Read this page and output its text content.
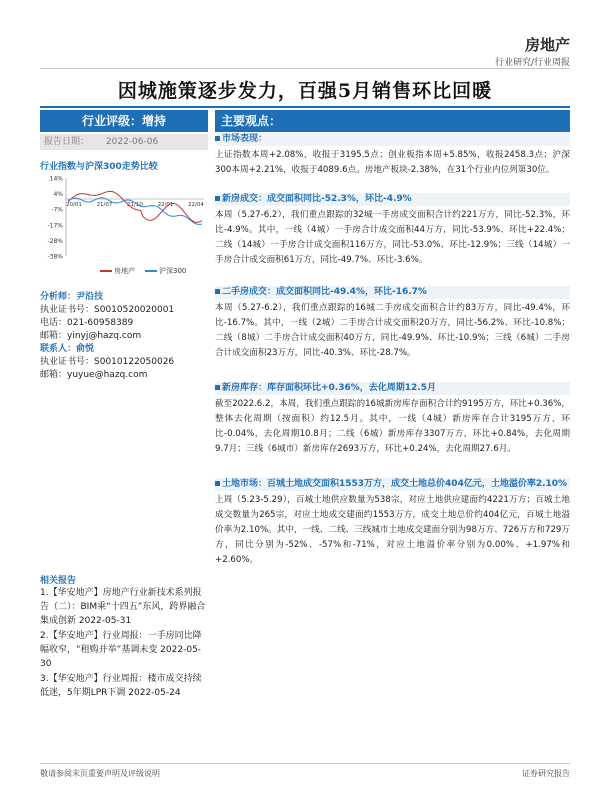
房地产
行业研究/行业周报
因城施策逐步发力，百强5月销售环比回暖
行业评级：增持
报告日期： 2022-06-06
行业指数与沪深300走势比较
14%
4%
-7%
-17%
-28%
-38%
20/01	21/07	21/10	22/01	22/04
房地产	沪深300
分析师：尹沿技
执业证书号：S0010520020001
电话：021-60958389
邮箱：yinyj@hazq.com
联系人：俞悦
执业证书号：S0010122050026
邮箱：yuyue@hazq.com
相关报告

1.【华安地产】房地产行业新技术系列报告（二）：BIM乘“十四五”东风，跨界融合集成创新 2022-05-31

2.【华安地产】行业周报：一手房同比降幅收窄，“租购并举”基调未变 2022-05-30

3.【华安地产】行业周报：楼市成交持续低迷，5年期LPR下调 2022-05-24

主要观点：
市场表现：
上证指数本周+2.08%，收报于3195.5点；创业板指本周+5.85%，收报2458.3点；沪深300本周+2.21%，收报于4089.6点。房地产板块-2.38%，在31个行业内位列第30位。
新房成交：成交面积同比-52.3%，环比-4.9%
本周（5.27-6.2），我们重点跟踪的32城一手房成交面积合计约221万方，同比-52.3%，环比-4.9%。其中，一线（4城）一手房合计成交面积44万方，同比-53.9%、环比+22.4%；二线（14城）一手房合计成交面积116万方，同比-53.0%、环比-12.9%；三线（14城）一手房合计成交面积61万方，同比-49.7%、环比-3.6%。
二手房成交：成交面积同比-49.4%，环比-16.7%
本周（5.27-6.2），我们重点跟踪的16城二手房成交面积合计约83万方，同比-49.4%，环比-16.7%。其中，一线（2城）二手房合计成交面积20万方，同比-56.2%、环比-10.8%；二线（8城）二手房合计成交面积40万方，同比-49.9%、环比-10.9%；三线（6城）二手房合计成交面积23万方，同比-40.3%、环比-28.7%。
新房库存：库存面积环比+0.36%，去化周期12.5月
截至2022.6.2，本周，我们重点跟踪的16城新房库存面积合计约9195万方，环比+0.36%，整体去化周期（按面积）约12.5月。其中，一线（4城）新房库存合计3195万方，环比-0.04%，去化周期10.8月；二线（6城）新房库存3307万方，环比+0.84%，去化周期9.7月；三线（6城市）新房库存2693万方，环比+0.24%，去化周期27.6月。
土地市场：百城土地成交面积1553万方，成交土地总价404亿元，土地溢价率2.10%
上周（5.23-5.29），百城土地供应数量为538宗，对应土地供应建面约4221万方；百城土地成交数量为265宗，对应土地成交建面约1553万方，成交土地总价约404亿元，百城土地溢价率为2.10%。其中，一线、二线、三线城市土地成交建面分别为98万方、726万方和729万方，同比分别为-52%、-57%和-71%，对应土地溢价率分别为0.00%、+1.97%和+2.60%。
敬请参阅末页重要声明及评级说明	证券研究报告
